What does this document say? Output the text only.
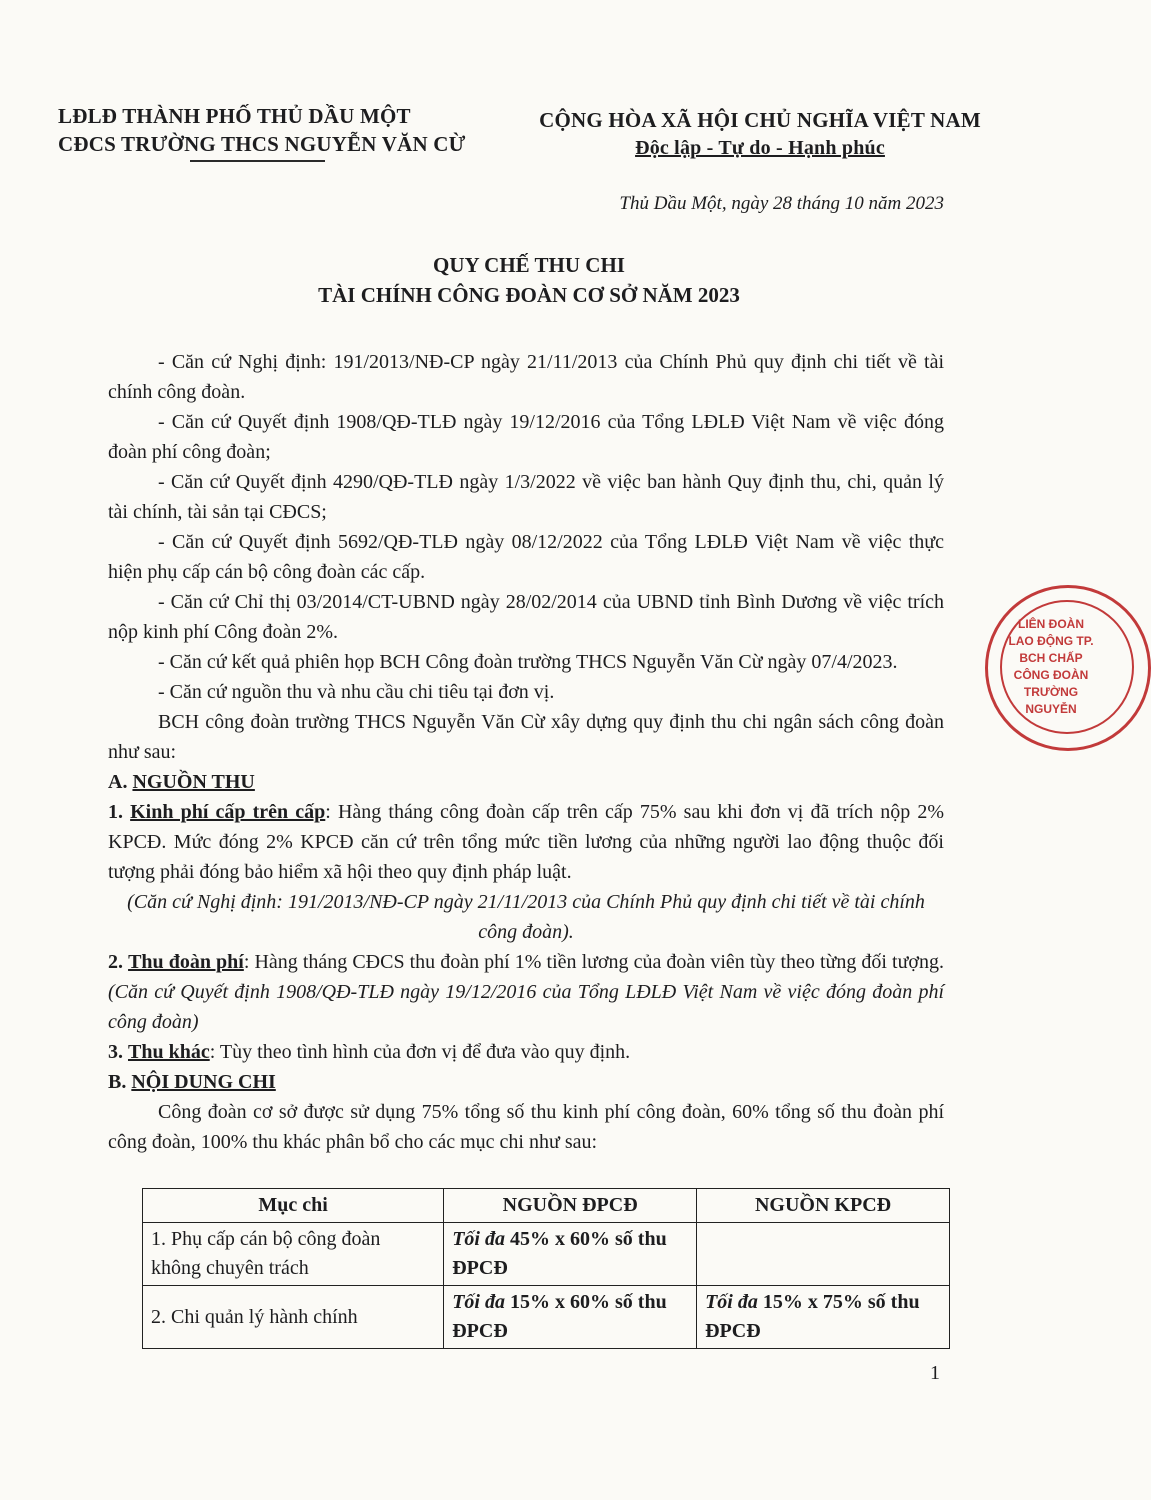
LĐLĐ THÀNH PHỐ THỦ DẦU MỘT
CĐCS TRƯỜNG THCS NGUYỄN VĂN CỪ
CỘNG HÒA XÃ HỘI CHỦ NGHĨA VIỆT NAM
Độc lập - Tự do - Hạnh phúc
Thủ Dầu Một, ngày 28 tháng 10 năm 2023
QUY CHẾ THU CHI
TÀI CHÍNH CÔNG ĐOÀN CƠ SỞ NĂM 2023

- Căn cứ Nghị định: 191/2013/NĐ-CP ngày 21/11/2013 của Chính Phủ quy định chi tiết về tài chính công đoàn.

- Căn cứ Quyết định 1908/QĐ-TLĐ ngày 19/12/2016 của Tổng LĐLĐ Việt Nam về việc đóng đoàn phí công đoàn;

- Căn cứ Quyết định 4290/QĐ-TLĐ ngày 1/3/2022 về việc ban hành Quy định thu, chi, quản lý tài chính, tài sản tại CĐCS;

- Căn cứ Quyết định 5692/QĐ-TLĐ ngày 08/12/2022 của Tổng LĐLĐ Việt Nam về việc thực hiện phụ cấp cán bộ công đoàn các cấp.

- Căn cứ Chỉ thị 03/2014/CT-UBND ngày 28/02/2014 của UBND tỉnh Bình Dương về việc trích nộp kinh phí Công đoàn 2%.

- Căn cứ kết quả phiên họp BCH Công đoàn trường THCS Nguyễn Văn Cừ ngày 07/4/2023.

- Căn cứ nguồn thu và nhu cầu chi tiêu tại đơn vị.

BCH công đoàn trường THCS Nguyễn Văn Cừ xây dựng quy định thu chi ngân sách công đoàn như sau:

A. NGUỒN THU

1. Kinh phí cấp trên cấp: Hàng tháng công đoàn cấp trên cấp 75% sau khi đơn vị đã trích nộp 2% KPCĐ. Mức đóng 2% KPCĐ căn cứ trên tổng mức tiền lương của những người lao động thuộc đối tượng phải đóng bảo hiểm xã hội theo quy định pháp luật.

(Căn cứ Nghị định: 191/2013/NĐ-CP ngày 21/11/2013 của Chính Phủ quy định chi tiết về tài chính công đoàn).

2. Thu đoàn phí: Hàng tháng CĐCS thu đoàn phí 1% tiền lương của đoàn viên tùy theo từng đối tượng. (Căn cứ Quyết định 1908/QĐ-TLĐ ngày 19/12/2016 của Tổng LĐLĐ Việt Nam về việc đóng đoàn phí công đoàn)

3. Thu khác: Tùy theo tình hình của đơn vị để đưa vào quy định.

B. NỘI DUNG CHI

Công đoàn cơ sở được sử dụng 75% tổng số thu kinh phí công đoàn, 60% tổng số thu đoàn phí công đoàn, 100% thu khác phân bổ cho các mục chi như sau:

Mục chi	NGUỒN ĐPCĐ	NGUỒN KPCĐ
1. Phụ cấp cán bộ công đoàn không chuyên trách	Tối đa 45% x 60% số thu ĐPCĐ	
2. Chi quản lý hành chính	Tối đa 15% x 60% số thu ĐPCĐ	Tối đa 15% x 75% số thu ĐPCĐ
1
LIÊN ĐOÀN LAO ĐỘNG TP. BCH CHẤP CÔNG ĐOÀN TRƯỜNG NGUYỄN
